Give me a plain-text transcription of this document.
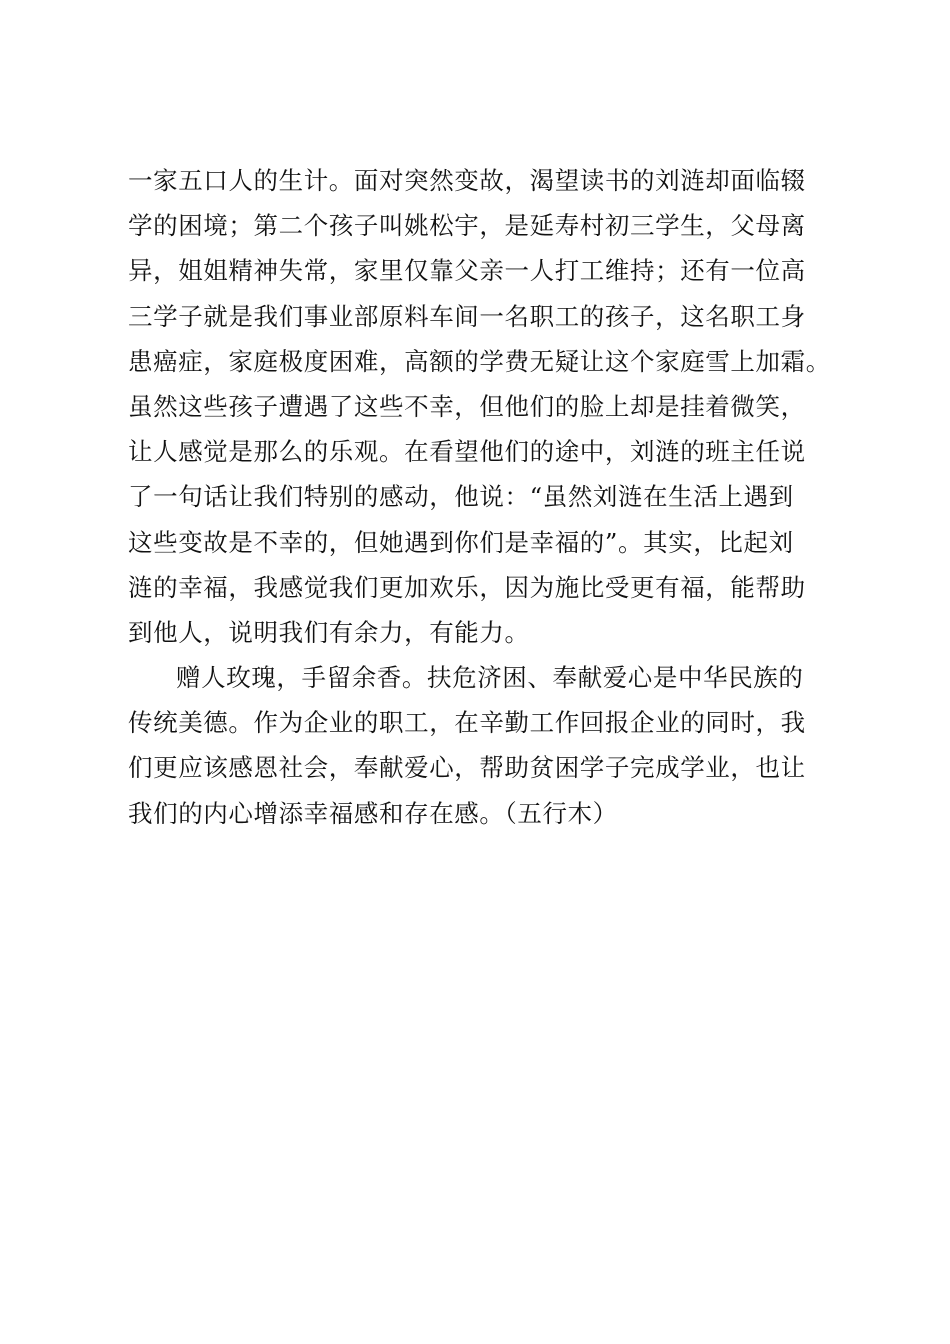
一家五口人的生计。面对突然变故，渴望读书的刘涟却面临辍
学的困境；第二个孩子叫姚松宇，是延寿村初三学生，父母离
异，姐姐精神失常，家里仅靠父亲一人打工维持；还有一位高
三学子就是我们事业部原料车间一名职工的孩子，这名职工身
患癌症，家庭极度困难，高额的学费无疑让这个家庭雪上加霜。
虽然这些孩子遭遇了这些不幸，但他们的脸上却是挂着微笑，
让人感觉是那么的乐观。在看望他们的途中，刘涟的班主任说
了一句话让我们特别的感动，他说：“虽然刘涟在生活上遇到
这些变故是不幸的，但她遇到你们是幸福的”。其实，比起刘
涟的幸福，我感觉我们更加欢乐，因为施比受更有福，能帮助
到他人，说明我们有余力，有能力。
赠人玫瑰，手留余香。扶危济困、奉献爱心是中华民族的
传统美德。作为企业的职工，在辛勤工作回报企业的同时，我
们更应该感恩社会，奉献爱心，帮助贫困学子完成学业，也让
我们的内心增添幸福感和存在感。（五行木）
